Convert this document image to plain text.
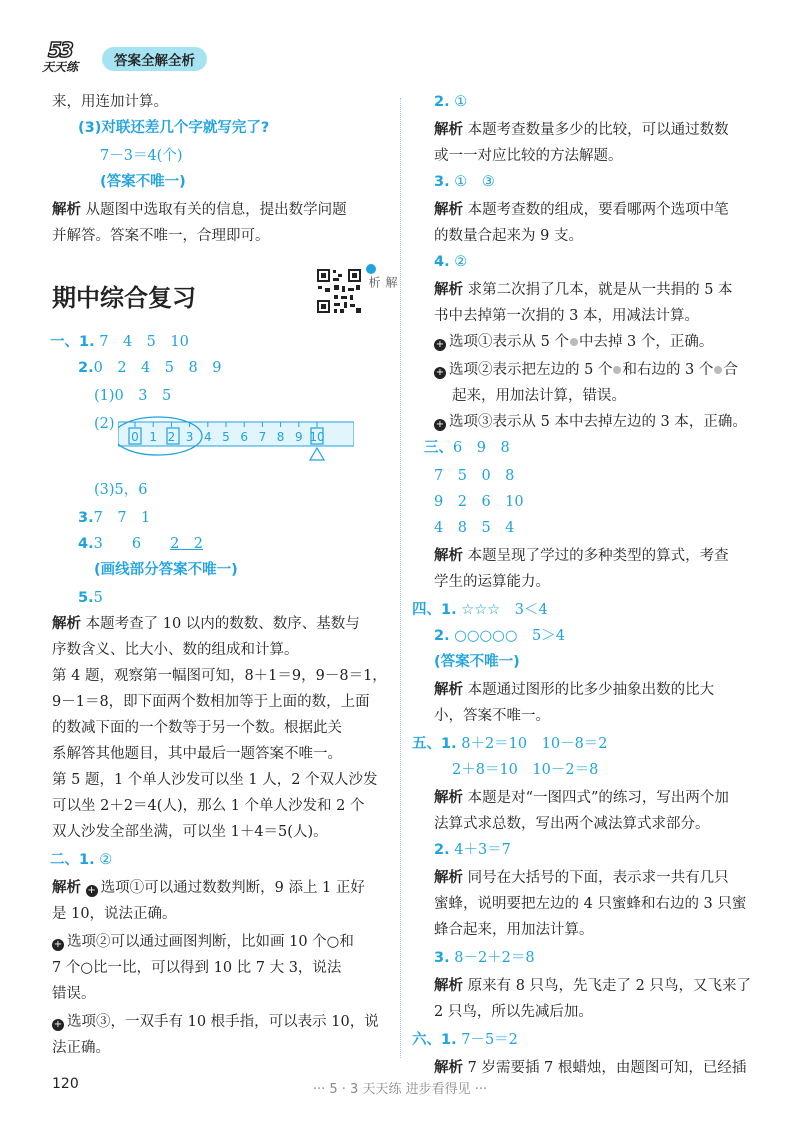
53
天天练	答案全解全析
来，用连加计算。
(3)对联还差几个字就写完了?
7－3＝4(个)
(答案不唯一)
解析 从题图中选取有关的信息，提出数学问题
并解答。答案不唯一，合理即可。
期中综合复习
解析
一、1. 7　4　5　10
2.0　2　4　5　8　9
(1)0　3　5
(2)
0 1 2 3 4 5 6 7 8 9 10
(3)5，6
3.7　7　1
4.3　　6　　2　2
(画线部分答案不唯一)
5.5
解析 本题考查了 10 以内的数数、数序、基数与
序数含义、比大小、数的组成和计算。
第 4 题，观察第一幅图可知，8＋1＝9，9－8＝1，
9－1＝8，即下面两个数相加等于上面的数，上面
的数减下面的一个数等于另一个数。根据此关
系解答其他题目，其中最后一题答案不唯一。
第 5 题，1 个单人沙发可以坐 1 人，2 个双人沙发
可以坐 2＋2＝4(人)，那么 1 个单人沙发和 2 个
双人沙发全部坐满，可以坐 1＋4＝5(人)。
二、1. ②
解析 + 选项①可以通过数数判断，9 添上 1 正好
是 10，说法正确。
+ 选项②可以通过画图判断，比如画 10 个○和
7 个○比一比，可以得到 10 比 7 大 3，说法
错误。
+ 选项③，一双手有 10 根手指，可以表示 10，说
法正确。
2. ①
解析 本题考查数量多少的比较，可以通过数数
或一一对应比较的方法解题。
3. ①　③
解析 本题考查数的组成，要看哪两个选项中笔
的数量合起来为 9 支。
4. ②
解析 求第二次捐了几本，就是从一共捐的 5 本
书中去掉第一次捐的 3 本，用减法计算。
+ 选项①表示从 5 个 中去掉 3 个，正确。
+ 选项②表示把左边的 5 个 和右边的 3 个 合
起来，用加法计算，错误。
+ 选项③表示从 5 本中去掉左边的 3 本，正确。
三、6　9　8
7　5　0　8
9　2　6　10
4　8　5　4
解析 本题呈现了学过的多种类型的算式，考查
学生的运算能力。
四、1. ☆☆☆　3＜4
2. ○○○○○　5＞4
(答案不唯一)
解析 本题通过图形的比多少抽象出数的比大
小，答案不唯一。
五、1. 8＋2＝10　10－8＝2
2＋8＝10　10－2＝8
解析 本题是对“一图四式”的练习，写出两个加
法算式求总数，写出两个减法算式求部分。
2. 4＋3＝7
解析 同号在大括号的下面，表示求一共有几只
蜜蜂，说明要把左边的 4 只蜜蜂和右边的 3 只蜜
蜂合起来，用加法计算。
3. 8－2＋2＝8
解析 原来有 8 只鸟，先飞走了 2 只鸟，又飞来了
2 只鸟，所以先减后加。
六、1. 7－5＝2
解析 7 岁需要插 7 根蜡烛，由题图可知，已经插
120	··· 5 · 3 天天练 进步看得见 ···
